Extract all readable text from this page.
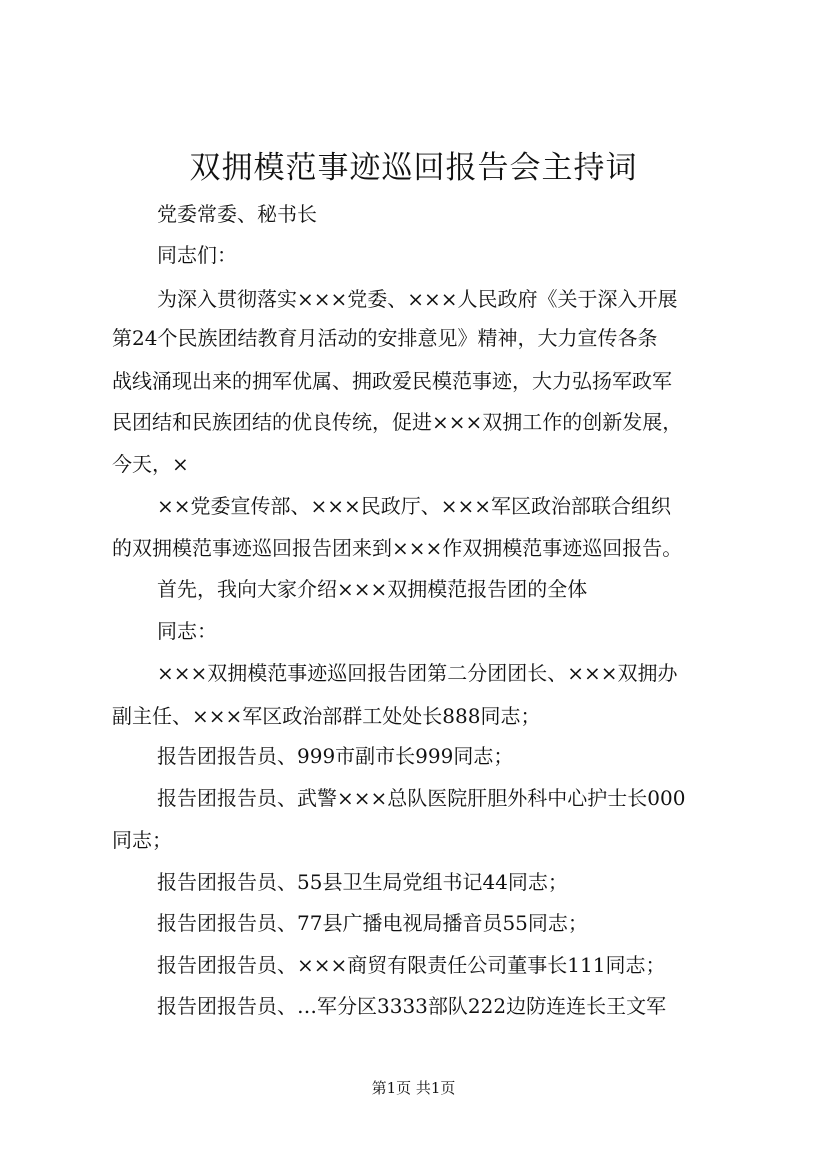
双拥模范事迹巡回报告会主持词
党委常委、秘书长
同志们：
为深入贯彻落实×××党委、×××人民政府《关于深入开展
第24个民族团结教育月活动的安排意见》精神，大力宣传各条
战线涌现出来的拥军优属、拥政爱民模范事迹，大力弘扬军政军
民团结和民族团结的优良传统，促进×××双拥工作的创新发展，
今天，×
××党委宣传部、×××民政厅、×××军区政治部联合组织
的双拥模范事迹巡回报告团来到×××作双拥模范事迹巡回报告。
首先，我向大家介绍×××双拥模范报告团的全体
同志：
×××双拥模范事迹巡回报告团第二分团团长、×××双拥办
副主任、×××军区政治部群工处处长888同志；
报告团报告员、999市副市长999同志；
报告团报告员、武警×××总队医院肝胆外科中心护士长000
同志；
报告团报告员、55县卫生局党组书记44同志；
报告团报告员、77县广播电视局播音员55同志；
报告团报告员、×××商贸有限责任公司董事长111同志；
报告团报告员、…军分区3333部队222边防连连长王文军
第1页 共1页
